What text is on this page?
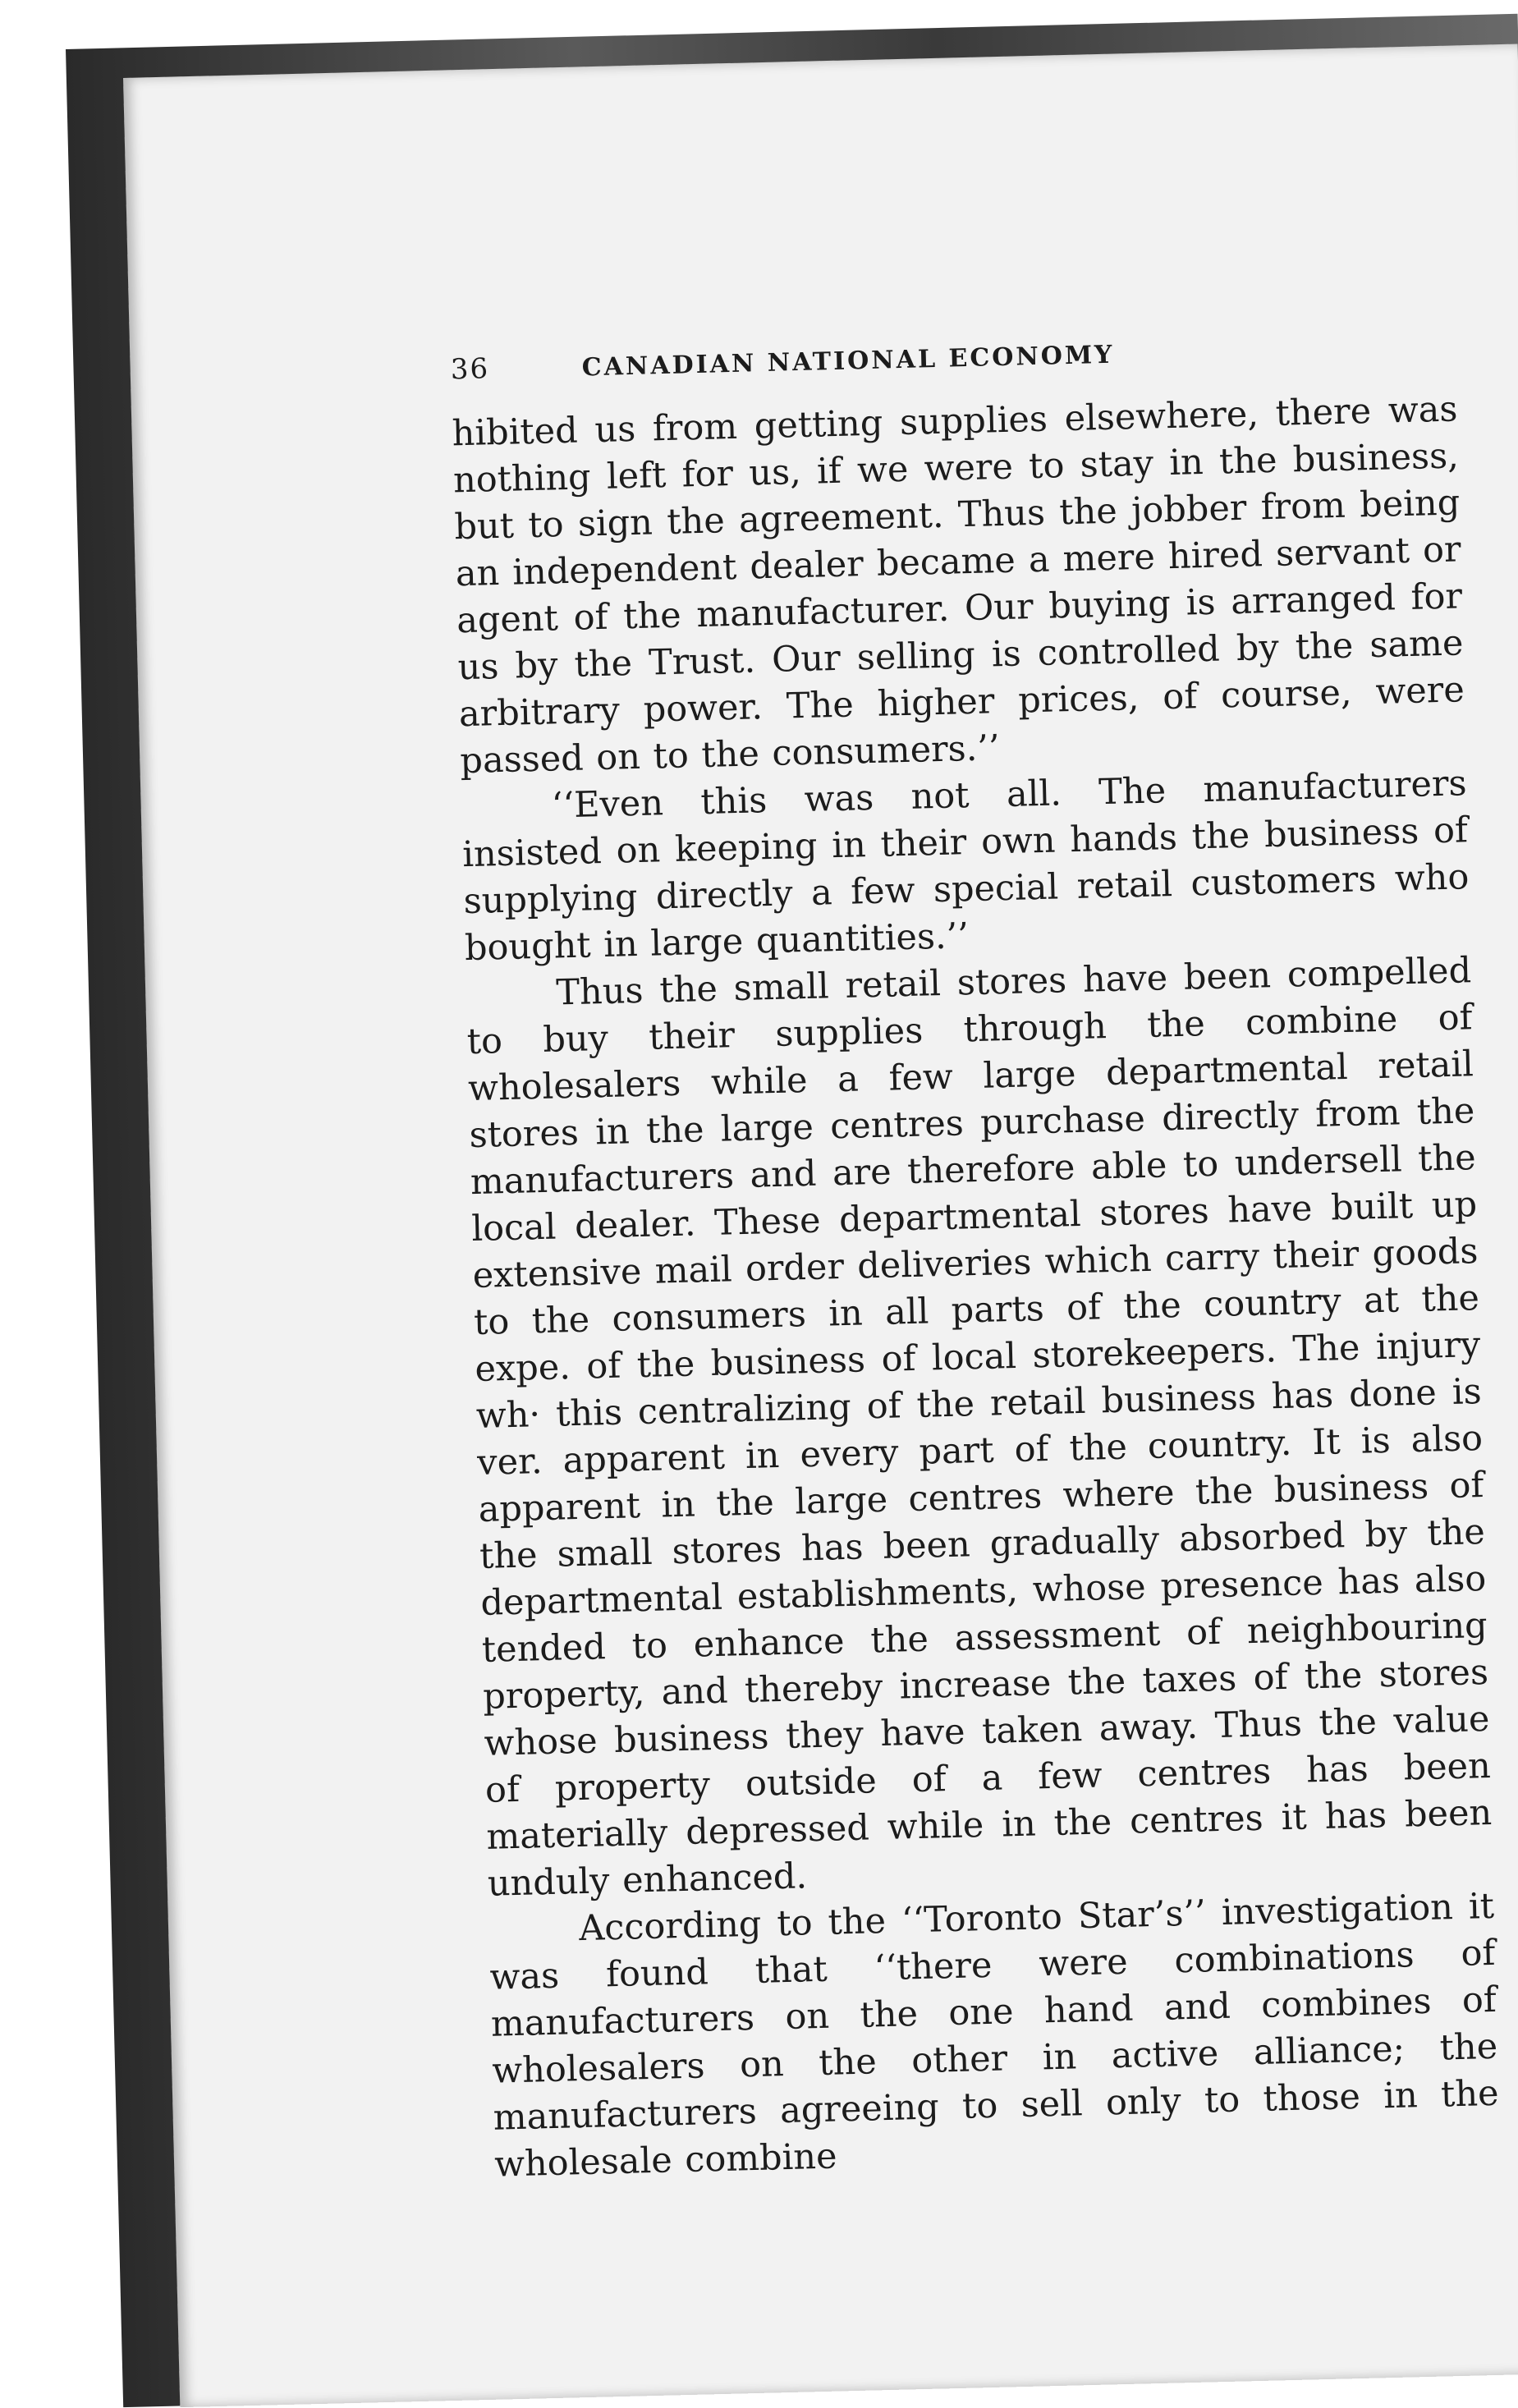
36	CANADIAN NATIONAL ECONOMY

hibited us from getting supplies elsewhere, there was nothing left for us, if we were to stay in the business, but to sign the agreement. Thus the jobber from being an independent dealer became a mere hired servant or agent of the manufacturer. Our buying is arranged for us by the Trust. Our selling is controlled by the same arbitrary power. The higher prices, of course, were passed on to the consumers.’’

‘‘Even this was not all. The manufacturers insisted on keeping in their own hands the business of supplying directly a few special retail customers who bought in large quantities.’’

Thus the small retail stores have been compelled to buy their supplies through the combine of wholesalers while a few large departmental retail stores in the large centres purchase directly from the manufacturers and are therefore able to undersell the local dealer. These departmental stores have built up extensive mail order deliveries which carry their goods to the consumers in all parts of the country at the expe. of the business of local storekeepers. The injury wh· this centralizing of the retail business has done is ver. apparent in every part of the country. It is also apparent in the large centres where the business of the small stores has been gradually absorbed by the departmental establishments, whose presence has also tended to enhance the assessment of neighbouring property, and thereby increase the taxes of the stores whose business they have taken away. Thus the value of property outside of a few centres has been materially depressed while in the centres it has been unduly enhanced.

According to the ‘‘Toronto Star’s’’ investigation it was found that ‘‘there were combinations of manufacturers on the one hand and combines of wholesalers on the other in active alliance; the manufacturers agreeing to sell only to those in the wholesale combine
